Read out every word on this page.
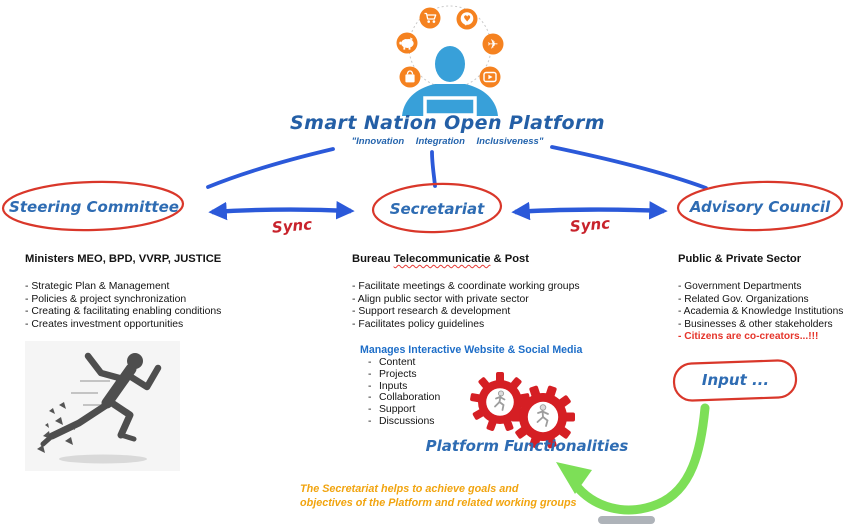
♥
✈
Smart Nation Open Platform
"Innovation Integration Inclusiveness"
Steering Committee	Secretariat	Advisory Council
Sync	Sync
Ministers MEO, BPD, VVRP, JUSTICE
- Strategic Plan & Management
- Policies & project synchronization
- Creating & facilitating enabling conditions
- Creates investment opportunities
Bureau Telecommunicatie & Post
- Facilitate meetings & coordinate working groups
- Align public sector with private sector
- Support research & development
- Facilitates policy guidelines
Manages Interactive Website & Social Media
- Content
- Projects
- Inputs
- Collaboration
- Support
- Discussions
Public & Private Sector
- Government Departments
- Related Gov. Organizations
- Academia & Knowledge Institutions
- Businesses & other stakeholders
- Citizens are co-creators...!!!
Platform Functionalities
Input ...
The Secretariat helps to achieve goals and
objectives of the Platform and related working groups
